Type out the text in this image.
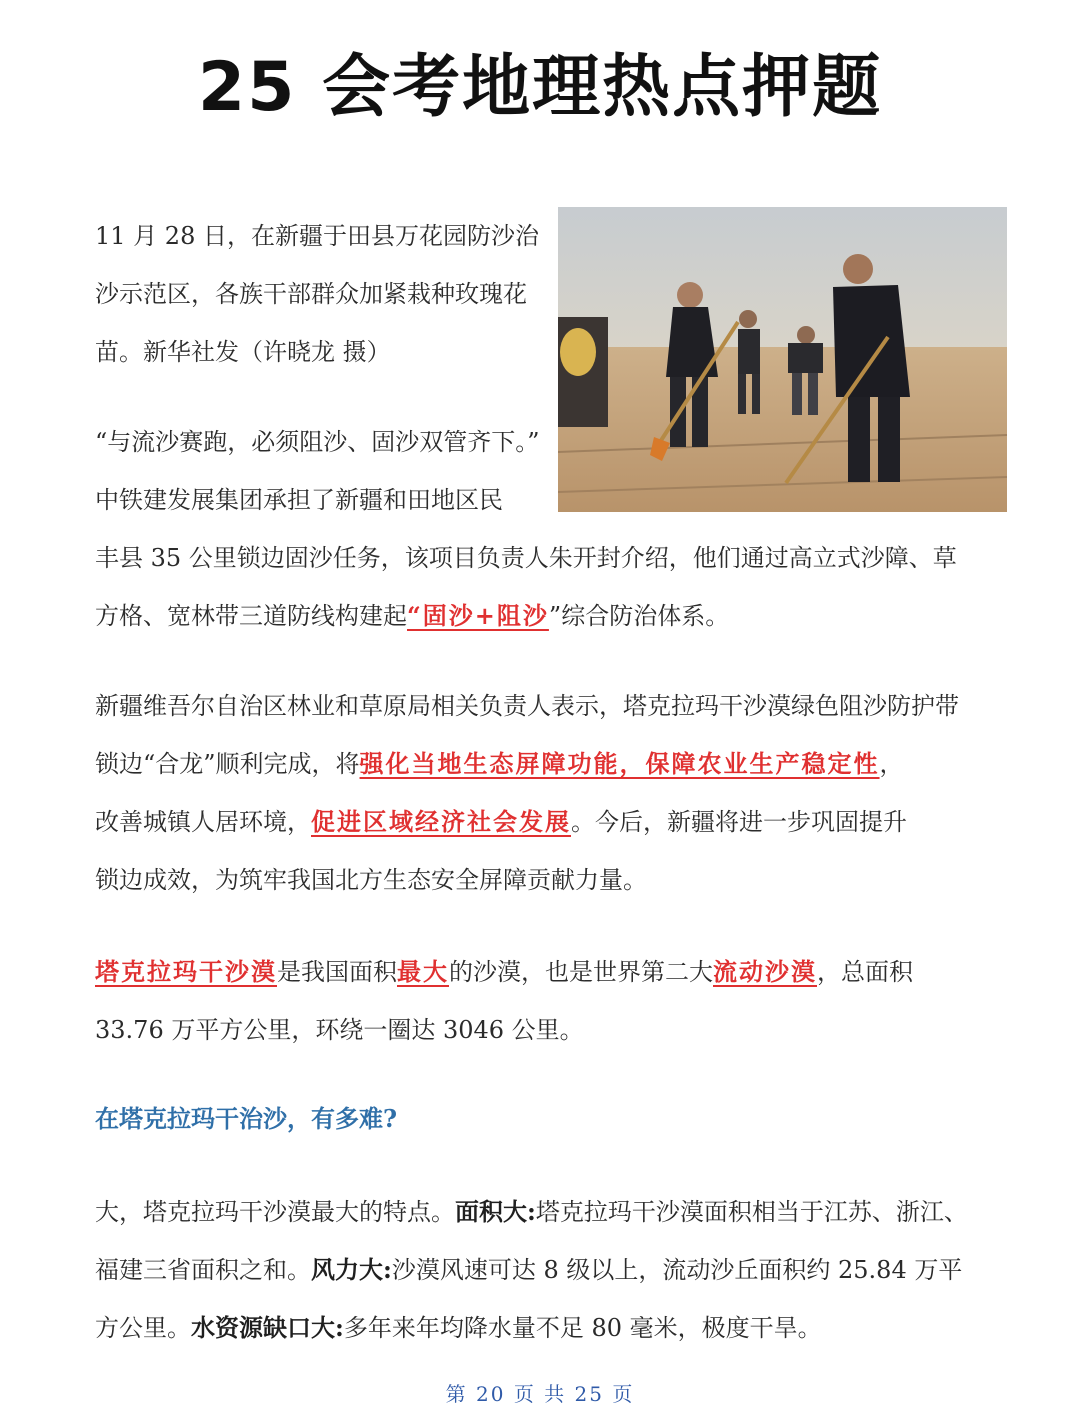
25 会考地理热点押题
11 月 28 日，在新疆于田县万花园防沙治
沙示范区，各族干部群众加紧栽种玫瑰花
苗。新华社发（许晓龙 摄）
“与流沙赛跑，必须阻沙、固沙双管齐下。”
中铁建发展集团承担了新疆和田地区民
丰县 35 公里锁边固沙任务，该项目负责人朱开封介绍，他们通过高立式沙障、草
方格、宽林带三道防线构建起“固沙+阻沙”综合防治体系。
新疆维吾尔自治区林业和草原局相关负责人表示，塔克拉玛干沙漠绿色阻沙防护带
锁边“合龙”顺利完成，将强化当地生态屏障功能，保障农业生产稳定性，
改善城镇人居环境，促进区域经济社会发展。今后，新疆将进一步巩固提升
锁边成效，为筑牢我国北方生态安全屏障贡献力量。
塔克拉玛干沙漠是我国面积最大的沙漠，也是世界第二大流动沙漠，总面积
33.76 万平方公里，环绕一圈达 3046 公里。
在塔克拉玛干治沙，有多难?
大，塔克拉玛干沙漠最大的特点。面积大:塔克拉玛干沙漠面积相当于江苏、浙江、
福建三省面积之和。风力大:沙漠风速可达 8 级以上，流动沙丘面积约 25.84 万平
方公里。水资源缺口大:多年来年均降水量不足 80 毫米，极度干旱。
第 20 页 共 25 页
